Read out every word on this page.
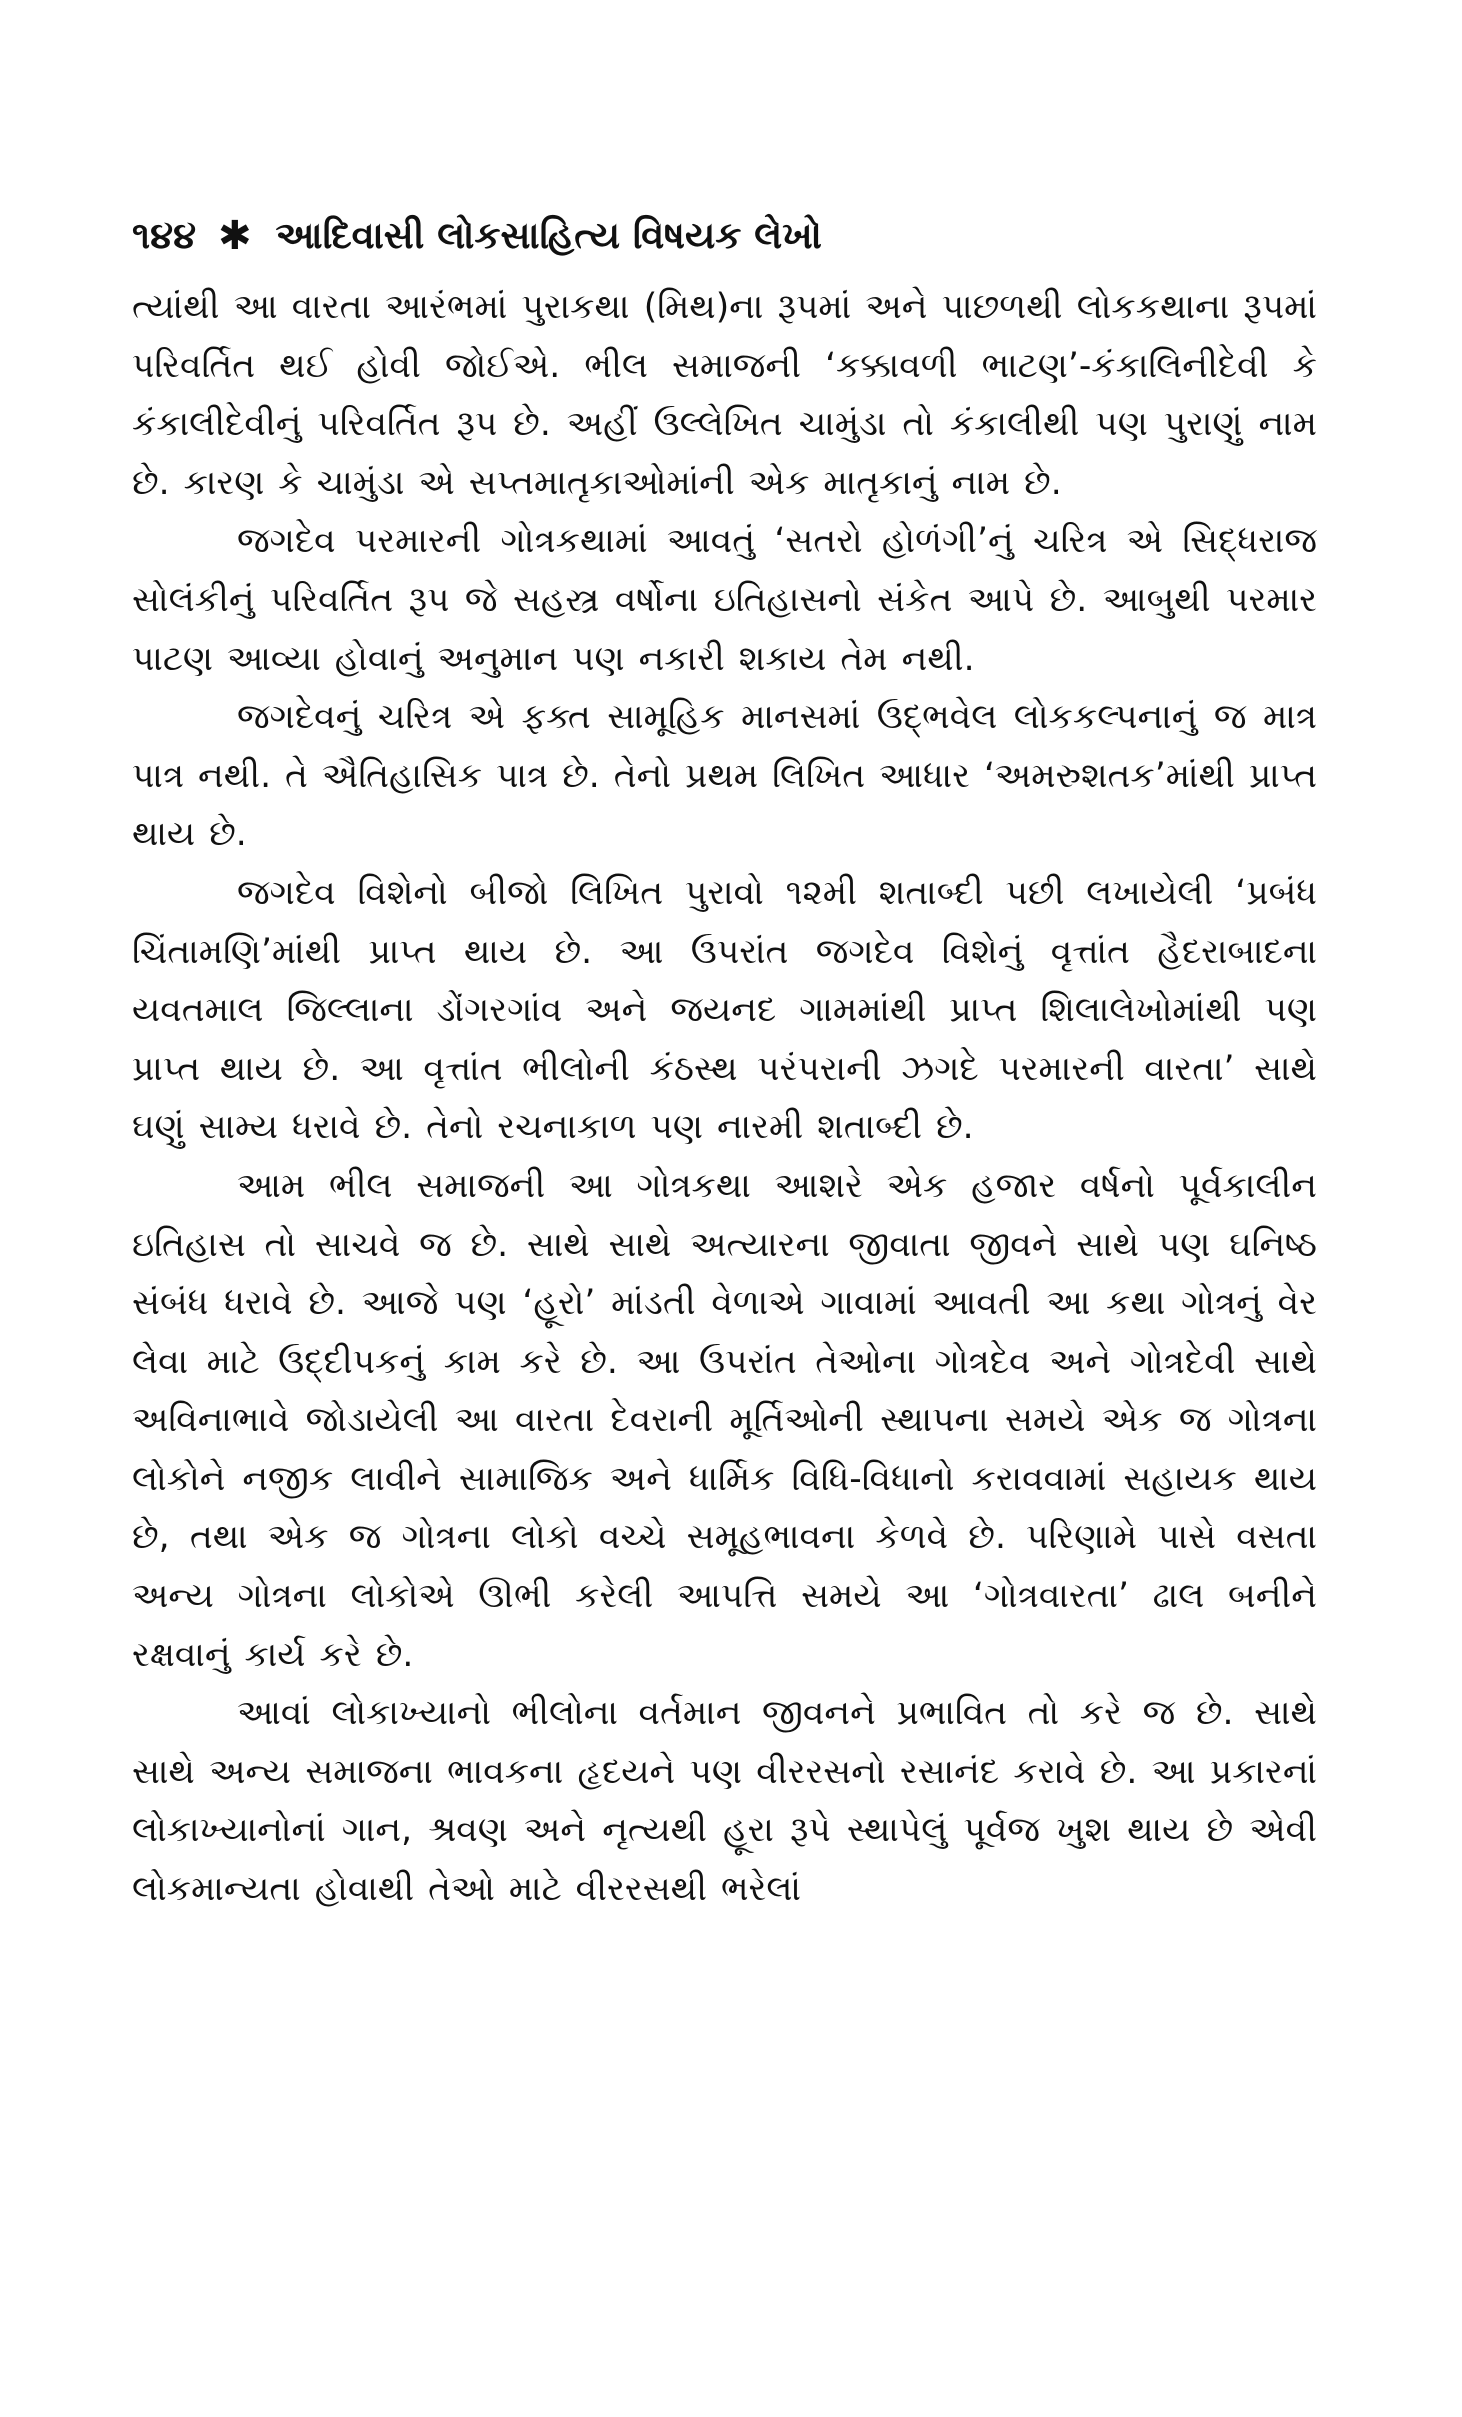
૧૪૪ ✱ આદિવાસી લોકસાહિત્ય વિષયક લેખો

ત્યાંથી આ વારતા આરંભમાં પુરાકથા (મિથ)ના રૂપમાં અને પાછળથી લોકકથાના રૂપમાં પરિવર્તિત થઈ હોવી જોઈએ. ભીલ સમાજની ‘કક્કાવળી ભાટણ’-કંકાલિનીદેવી કે કંકાલીદેવીનું પરિવર્તિત રૂપ છે. અહીં ઉલ્લેખિત ચામુંડા તો કંકાલીથી પણ પુરાણું નામ છે. કારણ કે ચામુંડા એ સપ્તમાતૃકાઓમાંની એક માતૃકાનું નામ છે.

જગદેવ પરમારની ગોત્રકથામાં આવતું ‘સતરો હોળંગી’નું ચરિત્ર એ સિદ્ધરાજ સોલંકીનું પરિવર્તિત રૂપ જે સહસ્ત્ર વર્ષોના ઇતિહાસનો સંકેત આપે છે. આબુથી પરમાર પાટણ આવ્યા હોવાનું અનુમાન પણ નકારી શકાય તેમ નથી.

જગદેવનું ચરિત્ર એ ફક્ત સામૂહિક માનસમાં ઉદ્ભવેલ લોકકલ્પનાનું જ માત્ર પાત્ર નથી. તે ઐતિહાસિક પાત્ર છે. તેનો પ્રથમ લિખિત આધાર ‘અમરુશતક’માંથી પ્રાપ્ત થાય છે.

જગદેવ વિશેનો બીજો લિખિત પુરાવો ૧૨મી શતાબ્દી પછી લખાયેલી ‘પ્રબંધ ચિંતામણિ’માંથી પ્રાપ્ત થાય છે. આ ઉપરાંત જગદેવ વિશેનું વૃત્તાંત હૈદરાબાદના યવતમાલ જિલ્લાના ડોંગરગાંવ અને જયનદ ગામમાંથી પ્રાપ્ત શિલાલેખોમાંથી પણ પ્રાપ્ત થાય છે. આ વૃત્તાંત ભીલોની કંઠસ્થ પરંપરાની ઝગદે પરમારની વારતા’ સાથે ઘણું સામ્ય ધરાવે છે. તેનો રચનાકાળ પણ નારમી શતાબ્દી છે.

આમ ભીલ સમાજની આ ગોત્રકથા આશરે એક હજાર વર્ષનો પૂર્વકાલીન ઇતિહાસ તો સાચવે જ છે. સાથે સાથે અત્યારના જીવાતા જીવને સાથે પણ ઘનિષ્ઠ સંબંધ ધરાવે છે. આજે પણ ‘હૂરો’ માંડતી વેળાએ ગાવામાં આવતી આ કથા ગોત્રનું વેર લેવા માટે ઉદ્દીપકનું કામ કરે છે. આ ઉપરાંત તેઓના ગોત્રદેવ અને ગોત્રદેવી સાથે અવિનાભાવે જોડાયેલી આ વારતા દેવરાની મૂર્તિઓની સ્થાપના સમયે એક જ ગોત્રના લોકોને નજીક લાવીને સામાજિક અને ધાર્મિક વિધિ-વિધાનો કરાવવામાં સહાયક થાય છે, તથા એક જ ગોત્રના લોકો વચ્ચે સમૂહભાવના કેળવે છે. પરિણામે પાસે વસતા અન્ય ગોત્રના લોકોએ ઊભી કરેલી આપત્તિ સમયે આ ‘ગોત્રવારતા’ ઢાલ બનીને રક્ષવાનું કાર્ય કરે છે.

આવાં લોકાખ્યાનો ભીલોના વર્તમાન જીવનને પ્રભાવિત તો કરે જ છે. સાથે સાથે અન્ય સમાજના ભાવકના હૃદયને પણ વીરરસનો રસાનંદ કરાવે છે. આ પ્રકારનાં લોકાખ્યાનોનાં ગાન, શ્રવણ અને નૃત્યથી હૂરા રૂપે સ્થાપેલું પૂર્વજ ખુશ થાય છે એવી લોકમાન્યતા હોવાથી તેઓ માટે વીરરસથી ભરેલાં
